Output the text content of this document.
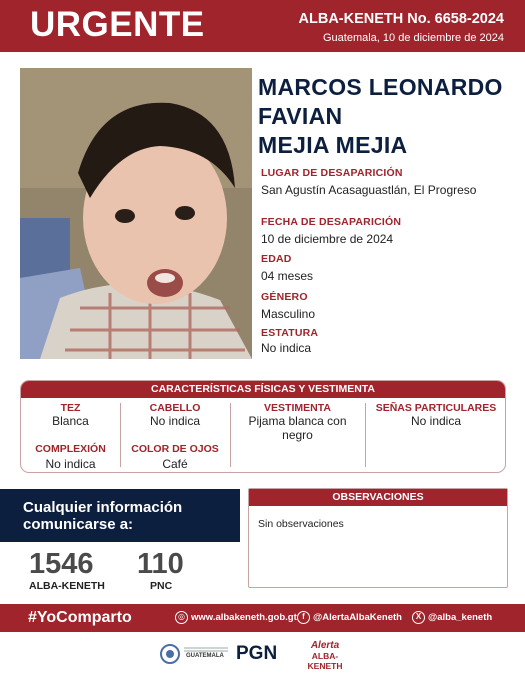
URGENTE	ALBA-KENETH No. 6658-2024
Guatemala, 10 de diciembre de 2024
MARCOS LEONARDO
FAVIAN
MEJIA MEJIA
LUGAR DE DESAPARICIÓN
San Agustín Acasaguastlán, El Progreso
FECHA DE DESAPARICIÓN
10 de diciembre de 2024
EDAD
04 meses
GÉNERO
Masculino
ESTATURA
No indica
CARACTERÍSTICAS FÍSICAS Y VESTIMENTA
TEZ
Blanca
CABELLO
No indica
VESTIMENTA
Pijama blanca con
negro
SEÑAS PARTICULARES
No indica
COMPLEXIÓN
No indica
COLOR DE OJOS
Café
Cualquier información
comunicarse a:
1546
ALBA-KENETH
110
PNC
OBSERVACIONES
Sin observaciones
#YoComparto	◎ www.albakeneth.gob.gt f @AlertaAlbaKeneth	X @alba_keneth
GUATEMALA PGN	Alerta
ALBA-KENETH
